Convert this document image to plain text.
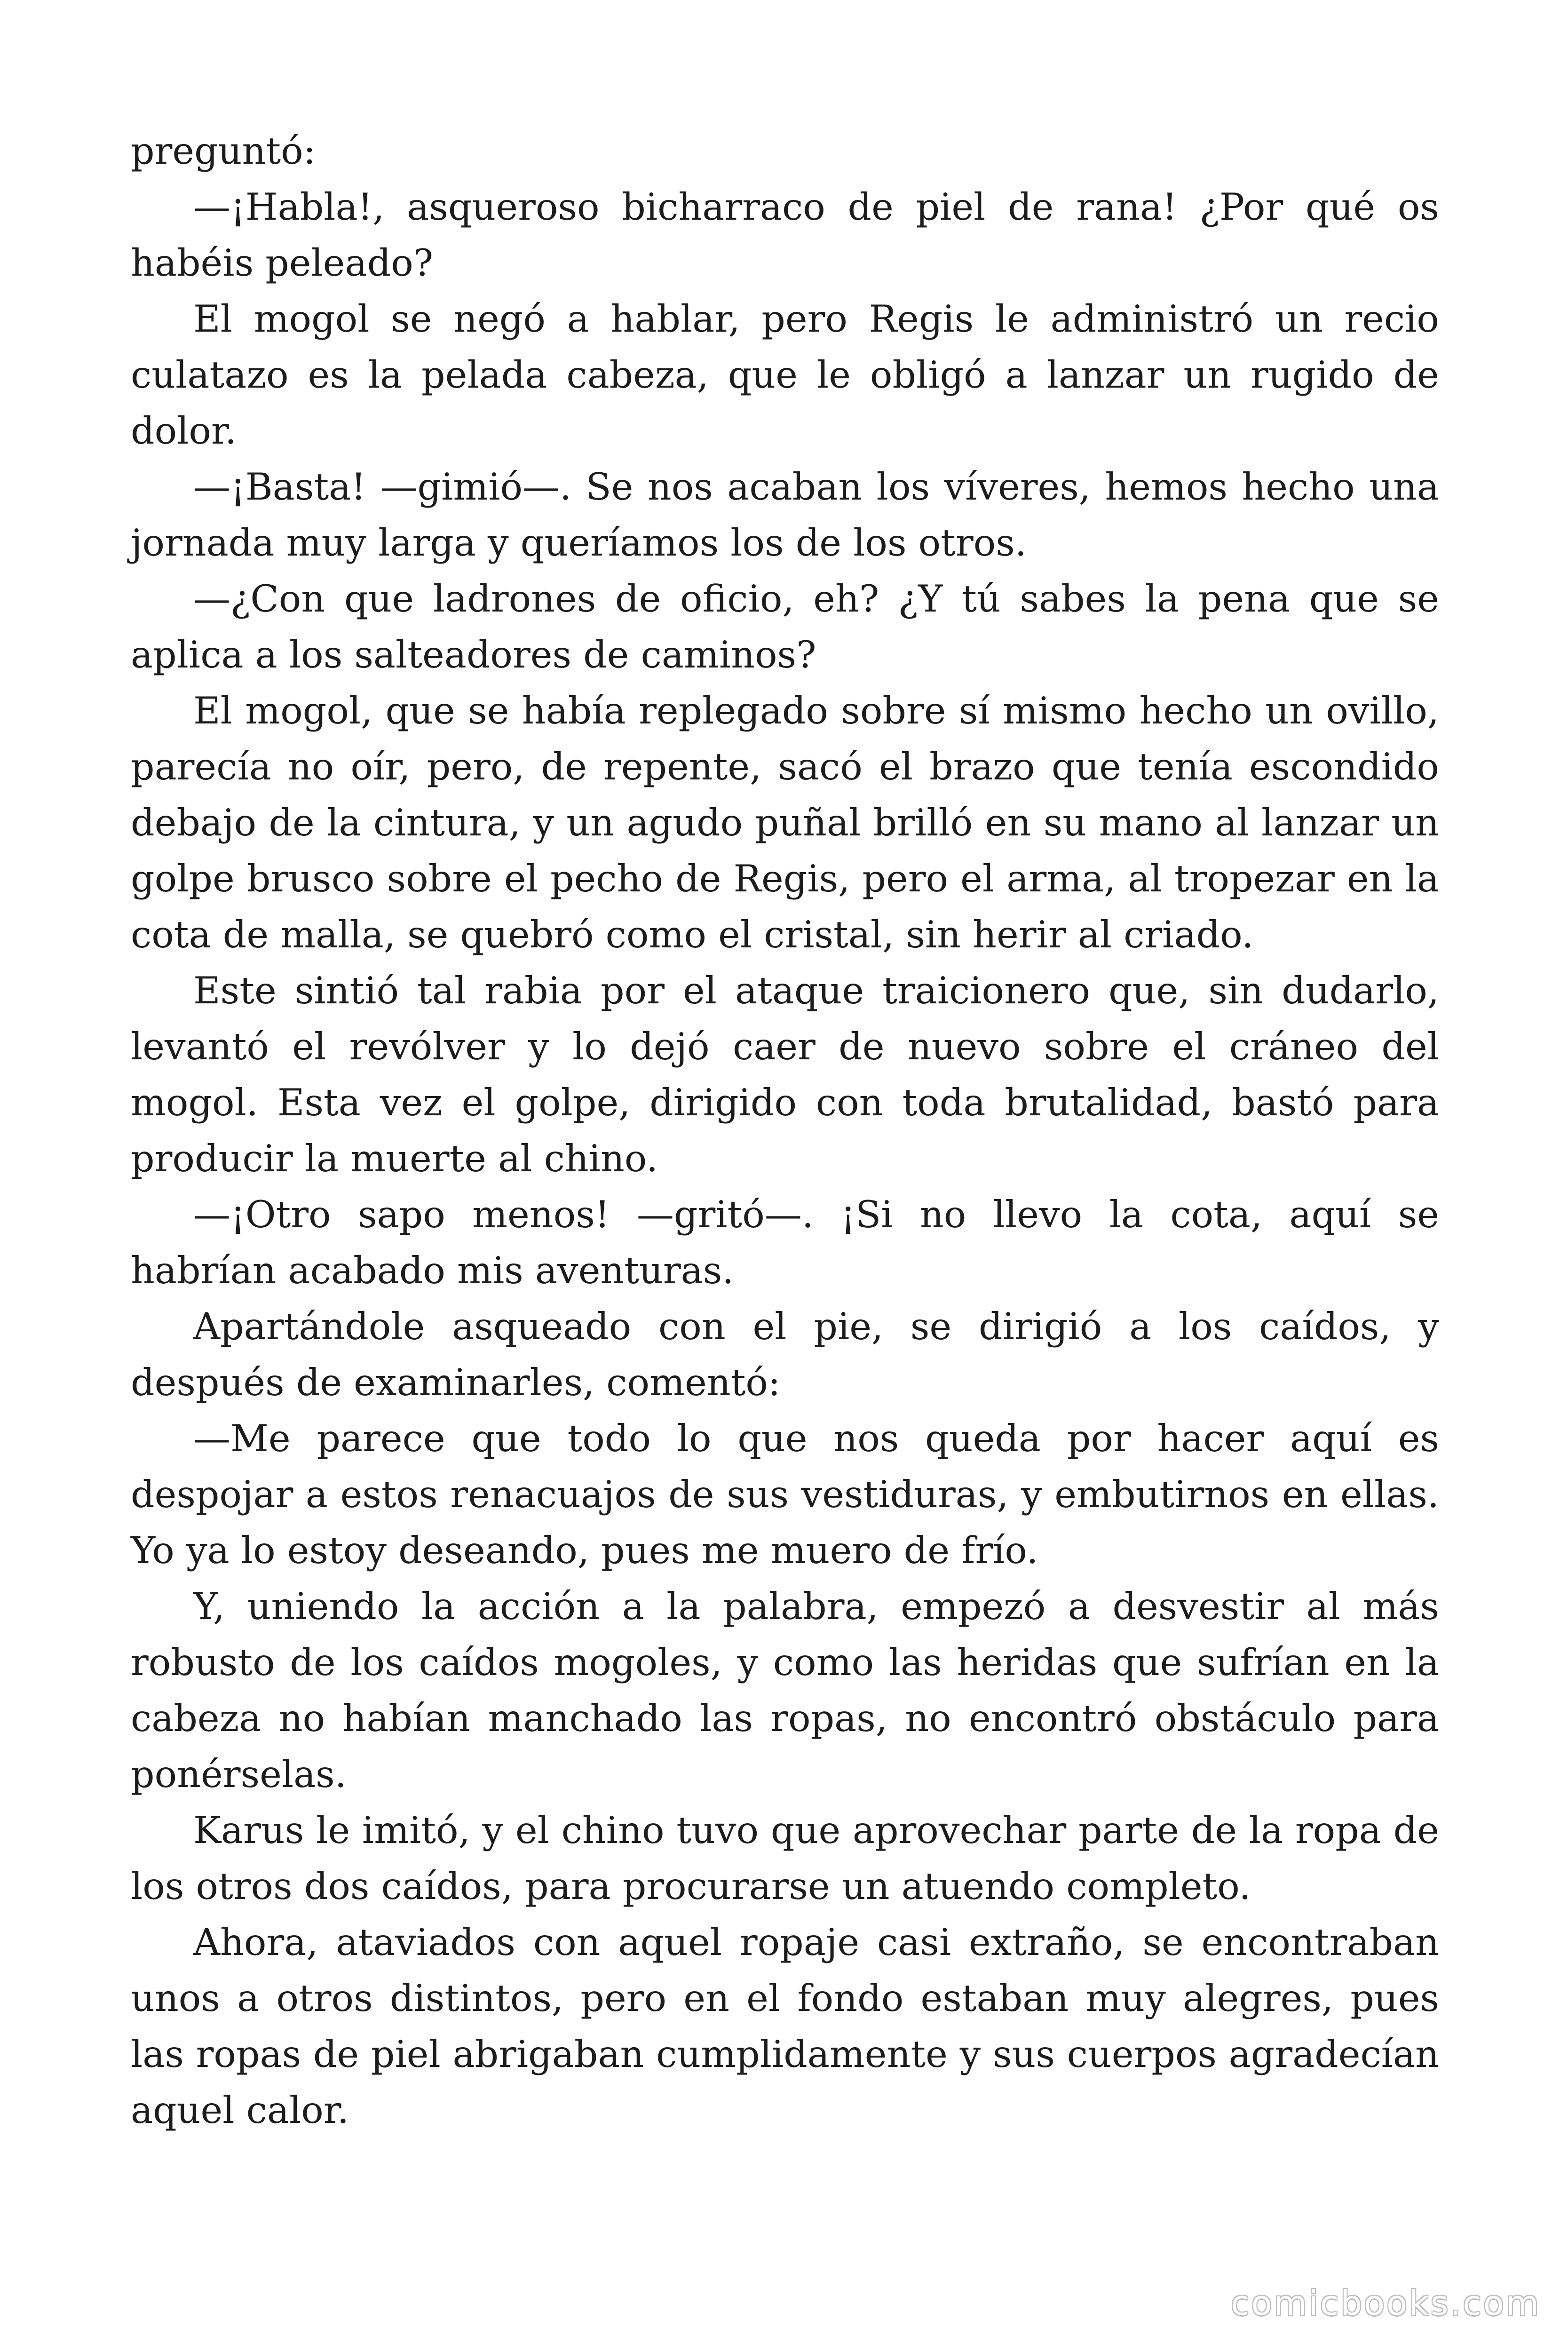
preguntó:

—¡Habla!, asqueroso bicharraco de piel de rana! ¿Por qué os habéis peleado?

El mogol se negó a hablar, pero Regis le administró un recio culatazo es la pelada cabeza, que le obligó a lanzar un rugido de dolor.

—¡Basta! —gimió—. Se nos acaban los víveres, hemos hecho una jornada muy larga y queríamos los de los otros.

—¿Con que ladrones de oficio, eh? ¿Y tú sabes la pena que se aplica a los salteadores de caminos?

El mogol, que se había replegado sobre sí mismo hecho un ovillo, parecía no oír, pero, de repente, sacó el brazo que tenía escondido debajo de la cintura, y un agudo puñal brilló en su mano al lanzar un golpe brusco sobre el pecho de Regis, pero el arma, al tropezar en la cota de malla, se quebró como el cristal, sin herir al criado.

Este sintió tal rabia por el ataque traicionero que, sin dudarlo, levantó el revólver y lo dejó caer de nuevo sobre el cráneo del mogol. Esta vez el golpe, dirigido con toda brutalidad, bastó para producir la muerte al chino.

—¡Otro sapo menos! —gritó—. ¡Si no llevo la cota, aquí se habrían acabado mis aventuras.

Apartándole asqueado con el pie, se dirigió a los caídos, y después de examinarles, comentó:

—Me parece que todo lo que nos queda por hacer aquí es despojar a estos renacuajos de sus vestiduras, y embutirnos en ellas. Yo ya lo estoy deseando, pues me muero de frío.

Y, uniendo la acción a la palabra, empezó a desvestir al más robusto de los caídos mogoles, y como las heridas que sufrían en la cabeza no habían manchado las ropas, no encontró obstáculo para ponérselas.

Karus le imitó, y el chino tuvo que aprovechar parte de la ropa de los otros dos caídos, para procurarse un atuendo completo.

Ahora, ataviados con aquel ropaje casi extraño, se encontraban unos a otros distintos, pero en el fondo estaban muy alegres, pues las ropas de piel abrigaban cumplidamente y sus cuerpos agradecían aquel calor.

comicbooks.com
